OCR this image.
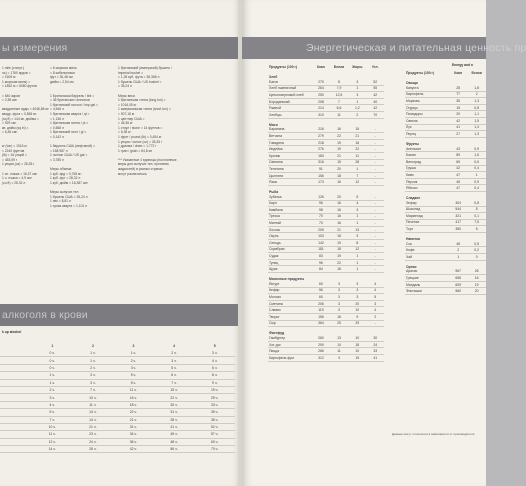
ы измерения
1 mile (статут.)
ль) = 1760 ярдов =
= 1609 м
1 морская миля) =
= 1852 м = 6080 футов
= 640 акров
= 2,59 км²
квадратные ярды = 4046,86 м²
квадр. фута = 0,836 м²
(sq ft) = 144 кв. дюйма =
= 929 см²
кв. дюйм (sq in) =
= 6,45 см²
кг (ton) = 1016 кг
= 2240 фунтов
(lb) = 16 унций =
= 453,59 г
1 унция (oz) = 28,35 г
1 сп. ложка = 16,37 см³
1 ч. ложка = 4,9 см³
(cu ft) = 28,32 л
= 6 морских миль
= 8 кабельтовых
фут = 30,48 см
дюйм = 2,54 см
1 Британская баррель / bbl =
= 36 британских галлонов
1 британский галлон / imp gal =
= 4,546 л
1 британская кварта / qt =
= 1,136 л
1 британская пинта / pt =
= 0,568 л
1 британский гилл / gi =
= 0,142 л
1 баррель США (нефтяной) =
= 158,987 л
1 галлон США / US gal =
= 3,785 л
Меры объема
1 куб. ярд = 0,765 м³
1 куб. фут = 28,32 л
1 куб. дюйм = 16,387 см³
Меры сыпучих тел
1 бушель США = 35,24 л
1 пек = 8,81 л
1 сухая кварта = 1,101 л
1 британский (имперский) бушель /
imperial bushel =
= 1,28 куб. фута = 36,368 л
1 бушель США / US bushel =
= 35,24 л
Меры веса
1 британская тонна (long ton) =
= 1016,05 кг
1 американская тонна (short ton) =
= 907,18 кг
1 центнер США =
= 45,36 кг
1 стоун / stone = 14 фунтов =
= 6,35 кг
1 фунт / pound (lb) = 0,454 кг
1 унция / ounce (oz) = 28,35 г
1 драхма / dram = 1,772 г
1 гран / grain = 64,8 мг
*** Указанные 4 единицы (постоянные
меры для сыпучих тел, противни,
жидкостей) в разных странах
могут различаться.
алкоголя в крови
k up alcohol
	1	2	3	4	5
	0 ч.	1 ч.	1 ч.	2 ч.	3 ч.
	0 ч.	1 ч.	2 ч.	3 ч.	4 ч.
	0 ч.	2 ч.	3 ч.	5 ч.	6 ч.
	1 ч.	3 ч.	5 ч.	6 ч.	8 ч.
	1 ч.	3 ч.	5 ч.	7 ч.	9 ч.
	2 ч.	7 ч.	11 ч.	15 ч.	19 ч.
	3 ч.	10 ч.	16 ч.	22 ч.	29 ч.
	4 ч.	11 ч.	18 ч.	26 ч.	33 ч.
	5 ч.	14 ч.	22 ч.	31 ч.	39 ч.
	7 ч.	14 ч.	21 ч.	28 ч.	35 ч.
	10 ч.	21 ч.	31 ч.	41 ч.	52 ч.
	11 ч.	23 ч.	34 ч.	45 ч.	57 ч.
	12 ч.	24 ч.	36 ч.	48 ч.	60 ч.
	14 ч.	28 ч.	42 ч.	56 ч.	70 ч.
Энергетическая и питательная ценность пр
Продукты (100 г)	Ккал	Белки	Жиры	Угл.
Хлеб				
Батон	270	8	3	52
Хлеб пшеничный	264	7,9	1	55
Цельнозерновой хлеб	250	12,5	3	42
Бородинский	208	7	1	40
Ржаной	214	6,6	1,2	42
Хлебцы	310	11	2	70
Мясо				
Баранина	216	16	15	-
Ветчина	279	22	21	-
Говядина	218	19	16	-
Индейка	276	19	22	-
Кролик	183	21	11	-
Свинина	316	15	28	-
Телятина	91	20	1	-
Цыплята	156	18	7	-
Язык	173	16	12	-
Рыба				
Зубатка	126	20	5	-
Карп	96	16	4	-
Камбала	98	16	3	-
Треска	70	16	1	-
Минтай	70	16	1	-
Лосось	205	21	13	-
Окунь	103	18	3	-
Сельдь	142	19	8	-
Скумбрия	181	18	12	-
Судак	83	19	1	-
Тунец	96	22	1	-
Щука	84	18	1	-
Молочные продукты				
Йогурт	60	3	3	4
Кефир	56	3	3	4
Молоко	60	3	3	5
Сметана	206	3	20	3
Сливки	119	3	10	4
Творог	156	18	9	2
Сыр	364	25	29	-
Фастфуд				
Гамбургер	260	13	10	30
Хот-дог	290	10	18	24
Пицца	266	11	10	33
Картофель фри	312	3	15	41
Energy and n
Продукты (100 г)	Ккал	Белки
Овощи		
Капуста	28	1,8
Картофель	77	2
Морковь	35	1,3
Огурцы	15	0,8
Помидоры	20	1,1
Свекла	42	1,5
Лук	41	1,4
Перец	27	1,3
Фрукты		
Апельсин	43	0,9
Банан	89	1,5
Виноград	65	0,6
Груша	42	0,4
Киви	47	1
Персик	45	0,9
Яблоко	47	0,4
Сладкое		
Зефир	304	0,8
Шоколад	544	5
Мармелад	321	0,1
Печенье	417	7,5
Торт	350	5
Напитки		
Сок	45	0,5
Кофе	2	0,2
Чай	1	0
Орехи		
Арахис	567	26
Грецкие	656	16
Миндаль	609	19
Фисташки	560	20
Данные могут отличаться в зависимости от производителя
